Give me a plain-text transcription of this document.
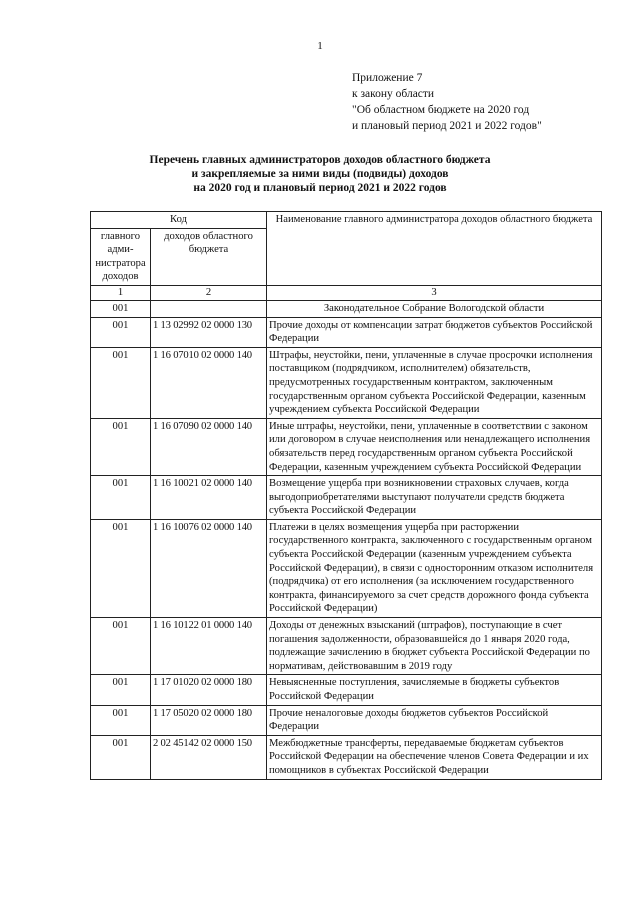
1
Приложение 7
к закону области
"Об областном бюджете на 2020 год
и плановый период 2021 и 2022 годов"
Перечень главных администраторов доходов областного бюджета
и закрепляемые за ними виды (подвиды) доходов
на 2020 год и плановый период 2021 и 2022 годов
Код		Наименование главного администратора доходов областного бюджета
главного адми-нистратора доходов	доходов областного бюджета	
1	2	3
001		Законодательное Собрание Вологодской области
001	1 13 02992 02 0000 130	Прочие доходы от компенсации затрат бюджетов субъектов Российской Федерации
001	1 16 07010 02 0000 140	Штрафы, неустойки, пени, уплаченные в случае просрочки исполнения поставщиком (подрядчиком, исполнителем) обязательств, предусмотренных государственным контрактом, заключенным государственным органом субъекта Российской Федерации, казенным учреждением субъекта Российской Федерации
001	1 16 07090 02 0000 140	Иные штрафы, неустойки, пени, уплаченные в соответствии с законом или договором в случае неисполнения или ненадлежащего исполнения обязательств перед государственным органом субъекта Российской Федерации, казенным учреждением субъекта Российской Федерации
001	1 16 10021 02 0000 140	Возмещение ущерба при возникновении страховых случаев, когда выгодоприобретателями выступают получатели средств бюджета субъекта Российской Федерации
001	1 16 10076 02 0000 140	Платежи в целях возмещения ущерба при расторжении государственного контракта, заключенного с государственным органом субъекта Российской Федерации (казенным учреждением субъекта Российской Федерации), в связи с односторонним отказом исполнителя (подрядчика) от его исполнения (за исключением государственного контракта, финансируемого за счет средств дорожного фонда субъекта Российской Федерации)
001	1 16 10122 01 0000 140	Доходы от денежных взысканий (штрафов), поступающие в счет погашения задолженности, образовавшейся до 1 января 2020 года, подлежащие зачислению в бюджет субъекта Российской Федерации по нормативам, действовавшим в 2019 году
001	1 17 01020 02 0000 180	Невыясненные поступления, зачисляемые в бюджеты субъектов Российской Федерации
001	1 17 05020 02 0000 180	Прочие неналоговые доходы бюджетов субъектов Российской Федерации
001	2 02 45142 02 0000 150	Межбюджетные трансферты, передаваемые бюджетам субъектов Российской Федерации на обеспечение членов Совета Федерации и их помощников в субъектах Российской Федерации
